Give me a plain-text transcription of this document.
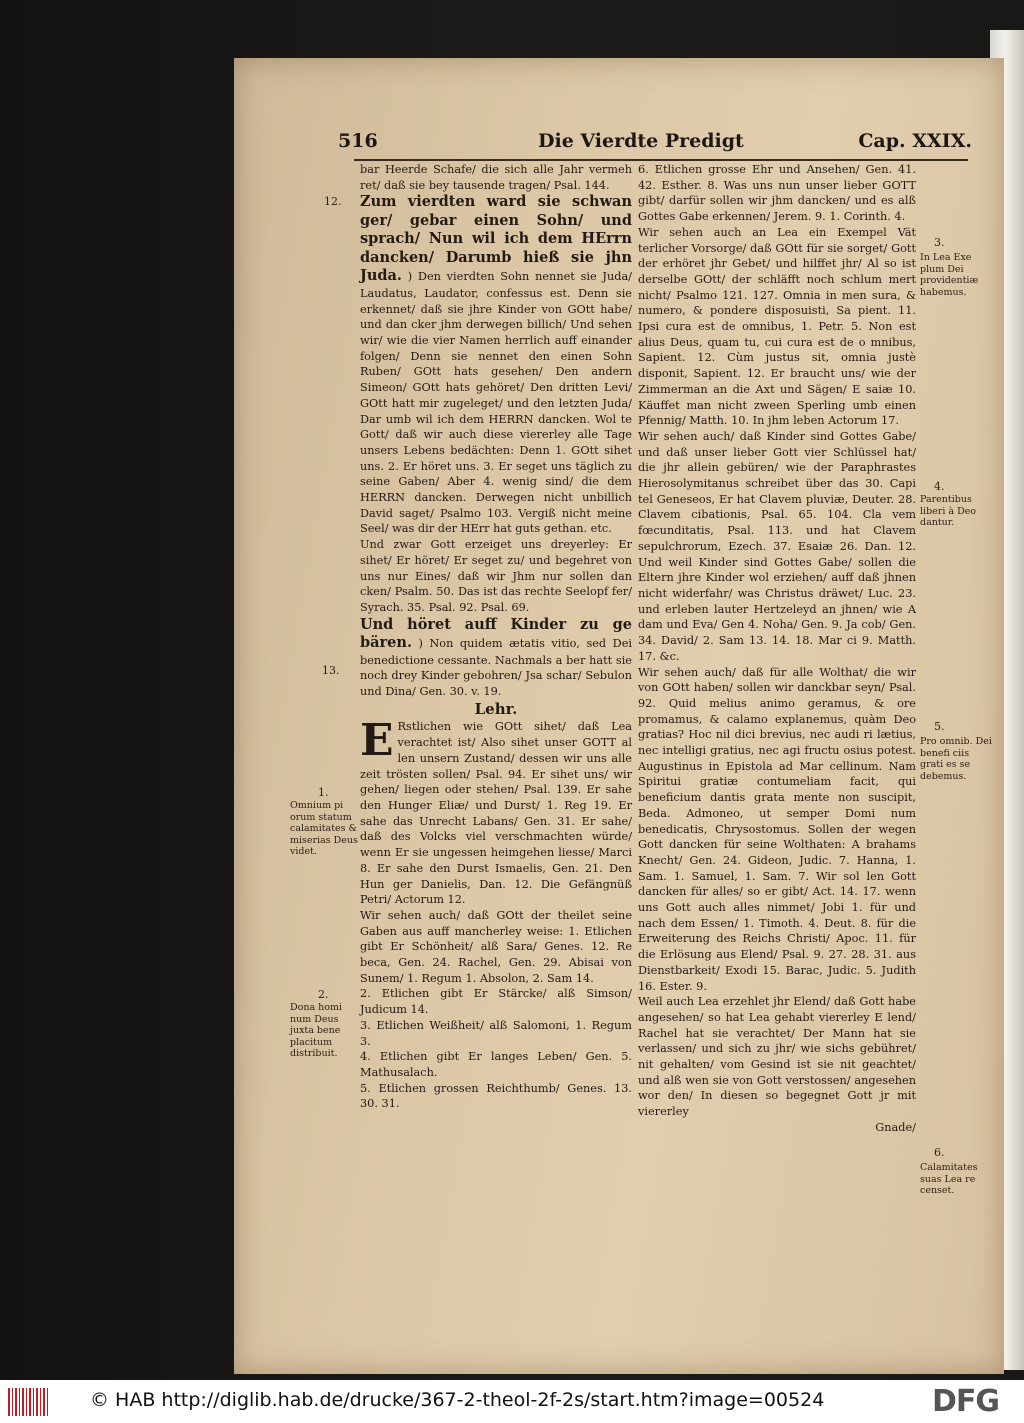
516	Die Vierdte Predigt	Cap. XXIX.
12.
13.
1.
Omnium pi orum statum calamitates & miserias Deus videt.
2.
Dona homi num Deus juxta bene placitum distribuit.
3.
In Lea Exe plum Dei providentiæ habemus.
4.
Parentibus liberi à Deo dantur.
5.
Pro omnib. Dei benefi ciis grati es se debemus.
6.
Calamitates suas Lea re censet.

bar Heerde Schafe/ die sich alle Jahr vermeh ret/ daß sie bey tausende tragen/ Psal. 144.

Zum vierdten ward sie schwan ger/ gebar einen Sohn/ und sprach/ Nun wil ich dem HErrn dancken/ Darumb hieß sie jhn Juda. ) Den vierdten Sohn nennet sie Juda/ Laudatus, Laudator, confessus est. Denn sie erkennet/ daß sie jhre Kinder von GOtt habe/ und dan cker jhm derwegen billich/ Und sehen wir/ wie die vier Namen herrlich auff einander folgen/ Denn sie nennet den einen Sohn Ruben/ GOtt hats gesehen/ Den andern Simeon/ GOtt hats gehöret/ Den dritten Levi/ GOtt hatt mir zugeleget/ und den letzten Juda/ Dar umb wil ich dem HERRN dancken. Wol te Gott/ daß wir auch diese viererley alle Tage unsers Lebens bedächten: Denn 1. GOtt sihet uns. 2. Er höret uns. 3. Er seget uns täglich zu seine Gaben/ Aber 4. wenig sind/ die dem HERRN dancken. Derwegen nicht unbillich David saget/ Psalmo 103. Vergiß nicht meine Seel/ was dir der HErr hat guts gethan. etc.

Und zwar Gott erzeiget uns dreyerley: Er sihet/ Er höret/ Er seget zu/ und begehret von uns nur Eines/ daß wir Jhm nur sollen dan cken/ Psalm. 50. Das ist das rechte Seelopf fer/ Syrach. 35. Psal. 92. Psal. 69.

Und höret auff Kinder zu ge bären. ) Non quidem ætatis vitio, sed Dei benedictione cessante. Nachmals a ber hatt sie noch drey Kinder gebohren/ Jsa schar/ Sebulon und Dina/ Gen. 30. v. 19.

Lehr.

E Rstlichen wie GOtt sihet/ daß Lea verachtet ist/ Also sihet unser GOTT al len unsern Zustand/ dessen wir uns alle zeit trösten sollen/ Psal. 94. Er sihet uns/ wir gehen/ liegen oder stehen/ Psal. 139. Er sahe den Hunger Eliæ/ und Durst/ 1. Reg 19. Er sahe das Unrecht Labans/ Gen. 31. Er sahe/ daß des Volcks viel verschmachten würde/ wenn Er sie ungessen heimgehen liesse/ Marci 8. Er sahe den Durst Ismaelis, Gen. 21. Den Hun ger Danielis, Dan. 12. Die Gefängnüß Petri/ Actorum 12.

Wir sehen auch/ daß GOtt der theilet seine Gaben aus auff mancherley weise: 1. Etlichen gibt Er Schönheit/ alß Sara/ Genes. 12. Re beca, Gen. 24. Rachel, Gen. 29. Abisai von Sunem/ 1. Regum 1. Absolon, 2. Sam 14.

2. Etlichen gibt Er Stärcke/ alß Simson/ Judicum 14.

3. Etlichen Weißheit/ alß Salomoni, 1. Regum 3.

4. Etlichen gibt Er langes Leben/ Gen. 5. Mathusalach.

5. Etlichen grossen Reichthumb/ Genes. 13. 30. 31.

6. Etlichen grosse Ehr und Ansehen/ Gen. 41. 42. Esther. 8. Was uns nun unser lieber GOTT gibt/ darfür sollen wir jhm dancken/ und es alß Gottes Gabe erkennen/ Jerem. 9. 1. Corinth. 4.

Wir sehen auch an Lea ein Exempel Vät terlicher Vorsorge/ daß GOtt für sie sorget/ Gott der erhöret jhr Gebet/ und hilffet jhr/ Al so ist derselbe GOtt/ der schläfft noch schlum mert nicht/ Psalmo 121. 127. Omnia in men sura, & numero, & pondere disposuisti, Sa pient. 11. Ipsi cura est de omnibus, 1. Petr. 5. Non est alius Deus, quam tu, cui cura est de o mnibus, Sapient. 12. Cùm justus sit, omnia justè disponit, Sapient. 12. Er braucht uns/ wie der Zimmerman an die Axt und Sägen/ E saiæ 10. Käuffet man nicht zween Sperling umb einen Pfennig/ Matth. 10. In jhm leben Actorum 17.

Wir sehen auch/ daß Kinder sind Gottes Gabe/ und daß unser lieber Gott vier Schlüssel hat/ die jhr allein gebüren/ wie der Paraphrastes Hierosolymitanus schreibet über das 30. Capi tel Geneseos, Er hat Clavem pluviæ, Deuter. 28. Clavem cibationis, Psal. 65. 104. Cla vem fœcunditatis, Psal. 113. und hat Clavem sepulchrorum, Ezech. 37. Esaiæ 26. Dan. 12. Und weil Kinder sind Gottes Gabe/ sollen die Eltern jhre Kinder wol erziehen/ auff daß jhnen nicht widerfahr/ was Christus dräwet/ Luc. 23. und erleben lauter Hertzeleyd an jhnen/ wie A dam und Eva/ Gen 4. Noha/ Gen. 9. Ja cob/ Gen. 34. David/ 2. Sam 13. 14. 18. Mar ci 9. Matth. 17. &c.

Wir sehen auch/ daß für alle Wolthat/ die wir von GOtt haben/ sollen wir danckbar seyn/ Psal. 92. Quid melius animo geramus, & ore promamus, & calamo explanemus, quàm Deo gratias? Hoc nil dici brevius, nec audi ri lætius, nec intelligi gratius, nec agi fructu osius potest. Augustinus in Epistola ad Mar cellinum. Nam Spiritui gratiæ contumeliam facit, qui beneficium dantis grata mente non suscipit, Beda. Admoneo, ut semper Domi num benedicatis, Chrysostomus. Sollen der wegen Gott dancken für seine Wolthaten: A brahams Knecht/ Gen. 24. Gideon, Judic. 7. Hanna, 1. Sam. 1. Samuel, 1. Sam. 7. Wir sol len Gott dancken für alles/ so er gibt/ Act. 14. 17. wenn uns Gott auch alles nimmet/ Jobi 1. für und nach dem Essen/ 1. Timoth. 4. Deut. 8. für die Erweiterung des Reichs Christi/ Apoc. 11. für die Erlösung aus Elend/ Psal. 9. 27. 28. 31. aus Dienstbarkeit/ Exodi 15. Barac, Judic. 5. Judith 16. Ester. 9.

Weil auch Lea erzehlet jhr Elend/ daß Gott habe angesehen/ so hat Lea gehabt viererley E lend/ Rachel hat sie verachtet/ Der Mann hat sie verlassen/ und sich zu jhr/ wie sichs gebühret/ nit gehalten/ vom Gesind ist sie nit geachtet/ und alß wen sie von Gott verstossen/ angesehen wor den/ In diesen so begegnet Gott jr mit viererley

Gnade/

© HAB http://diglib.hab.de/drucke/367-2-theol-2f-2s/start.htm?image=00524	DFG
